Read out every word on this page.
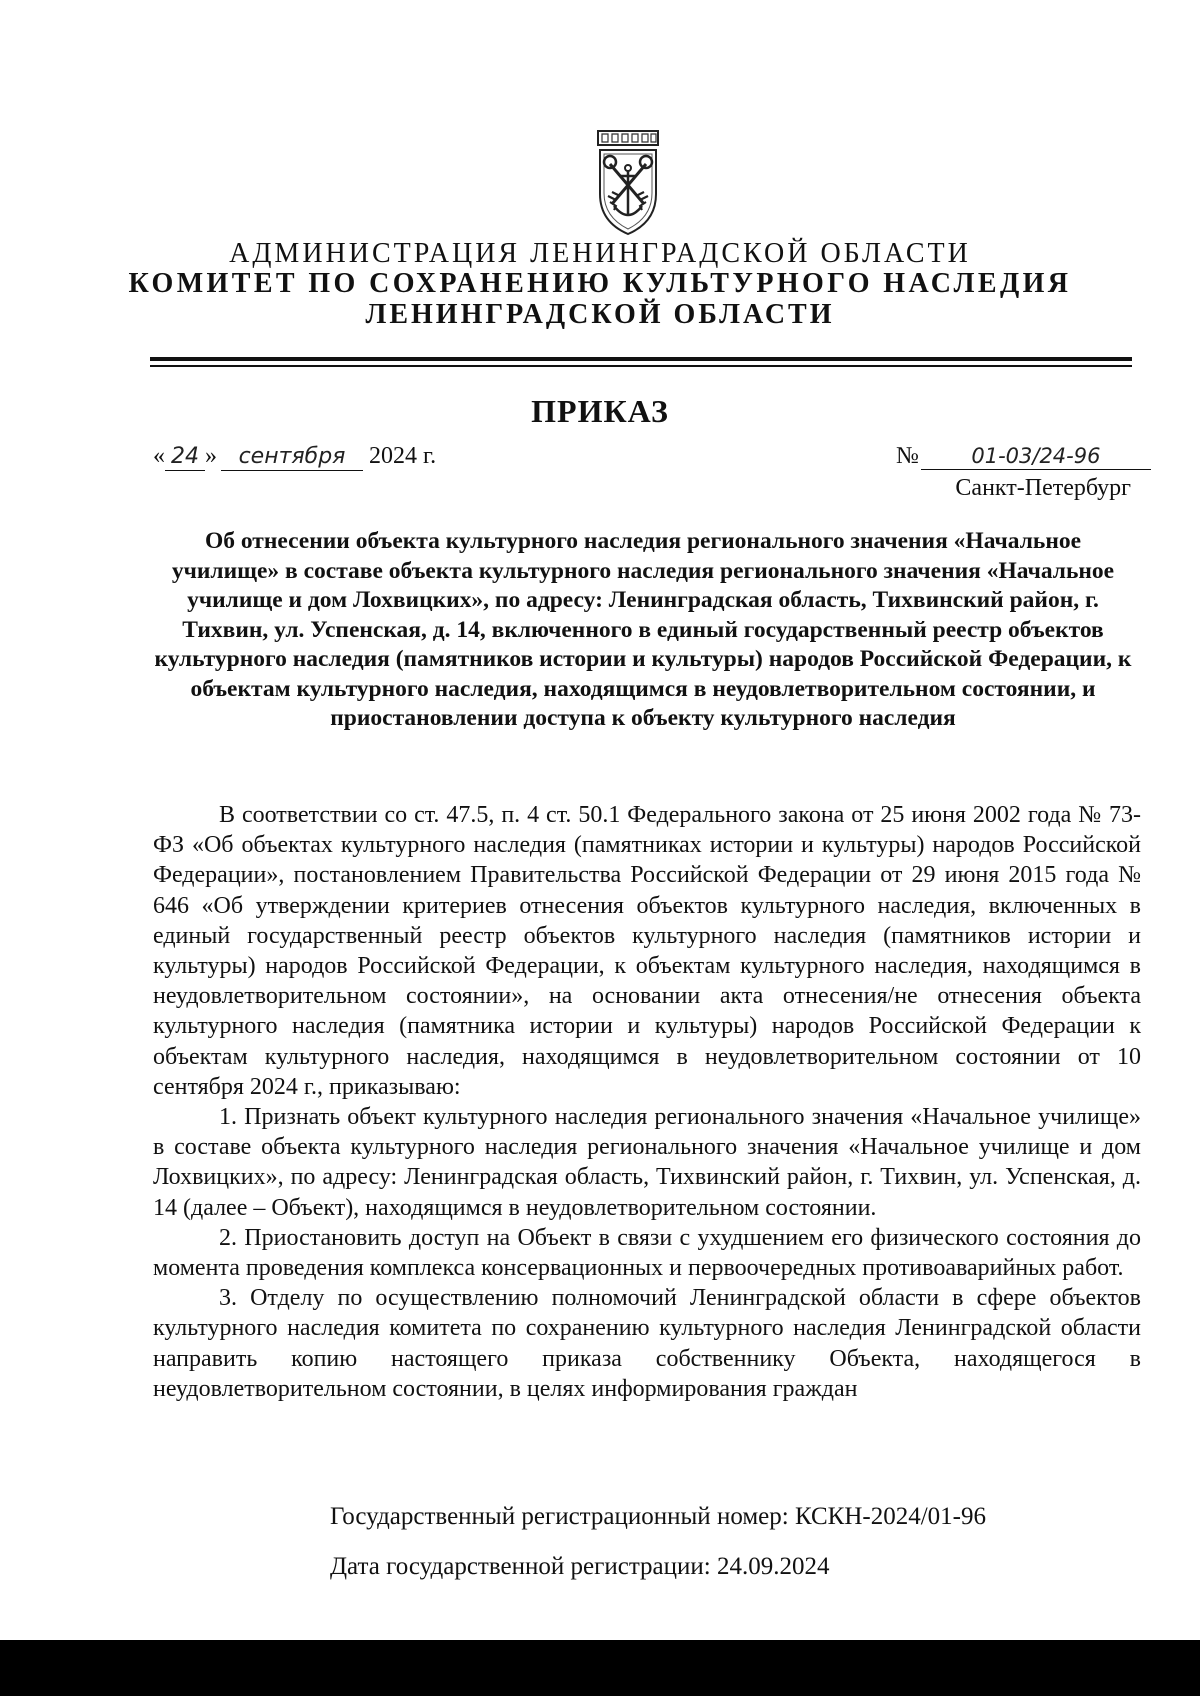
АДМИНИСТРАЦИЯ ЛЕНИНГРАДСКОЙ ОБЛАСТИ
КОМИТЕТ ПО СОХРАНЕНИЮ КУЛЬТУРНОГО НАСЛЕДИЯ
ЛЕНИНГРАДСКОЙ ОБЛАСТИ
ПРИКАЗ
« 24 » сентября 2024 г.	№ 01-03/24-96
Санкт-Петербург
Об отнесении объекта культурного наследия регионального значения «Начальное училище» в составе объекта культурного наследия регионального значения «Начальное училище и дом Лохвицких», по адресу: Ленинградская область, Тихвинский район, г. Тихвин, ул. Успенская, д. 14, включенного в единый государственный реестр объектов культурного наследия (памятников истории и культуры) народов Российской Федерации, к объектам культурного наследия, находящимся в неудовлетворительном состоянии, и приостановлении доступа к объекту культурного наследия

В соответствии со ст. 47.5, п. 4 ст. 50.1 Федерального закона от 25 июня 2002 года № 73-ФЗ «Об объектах культурного наследия (памятниках истории и культуры) народов Российской Федерации», постановлением Правительства Российской Федерации от 29 июня 2015 года № 646 «Об утверждении критериев отнесения объектов культурного наследия, включенных в единый государственный реестр объектов культурного наследия (памятников истории и культуры) народов Российской Федерации, к объектам культурного наследия, находящимся в неудовлетворительном состоянии», на основании акта отнесения/не отнесения объекта культурного наследия (памятника истории и культуры) народов Российской Федерации к объектам культурного наследия, находящимся в неудовлетворительном состоянии от 10 сентября 2024 г., приказываю:

1. Признать объект культурного наследия регионального значения «Начальное училище» в составе объекта культурного наследия регионального значения «Начальное училище и дом Лохвицких», по адресу: Ленинградская область, Тихвинский район, г. Тихвин, ул. Успенская, д. 14 (далее – Объект), находящимся в неудовлетворительном состоянии.

2. Приостановить доступ на Объект в связи с ухудшением его физического состояния до момента проведения комплекса консервационных и первоочередных противоаварийных работ.

3. Отделу по осуществлению полномочий Ленинградской области в сфере объектов культурного наследия комитета по сохранению культурного наследия Ленинградской области направить копию настоящего приказа собственнику Объекта, находящегося в неудовлетворительном состоянии, в целях информирования граждан

Государственный регистрационный номер: КСКН-2024/01-96
Дата государственной регистрации: 24.09.2024
